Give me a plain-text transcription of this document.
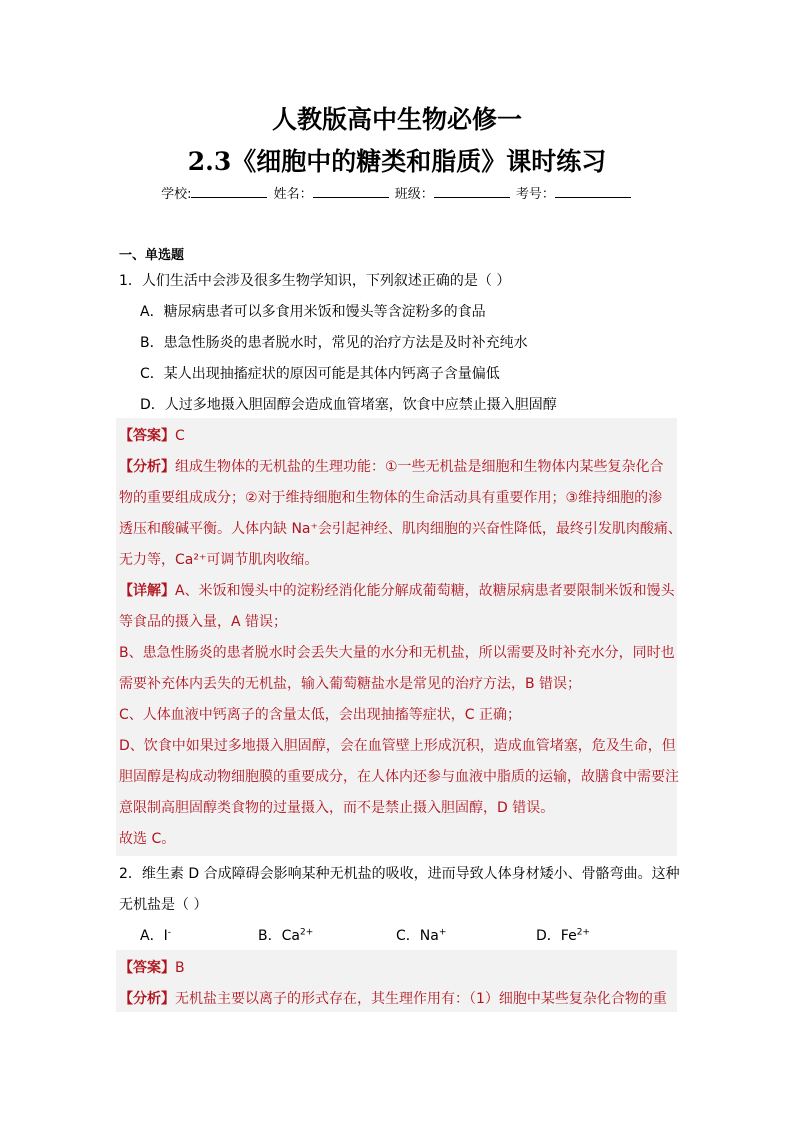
人教版高中生物必修一
2.3《细胞中的糖类和脂质》课时练习
学校:	姓名：	班级：	考号：
一、单选题
1．人们生活中会涉及很多生物学知识，下列叙述正确的是（ ）
A．糖尿病患者可以多食用米饭和馒头等含淀粉多的食品
B．患急性肠炎的患者脱水时，常见的治疗方法是及时补充纯水
C．某人出现抽搐症状的原因可能是其体内钙离子含量偏低
D．人过多地摄入胆固醇会造成血管堵塞，饮食中应禁止摄入胆固醇
【答案】C
【分析】组成生物体的无机盐的生理功能：①一些无机盐是细胞和生物体内某些复杂化合
物的重要组成成分；②对于维持细胞和生物体的生命活动具有重要作用；③维持细胞的渗
透压和酸碱平衡。人体内缺 Na⁺会引起神经、肌肉细胞的兴奋性降低，最终引发肌肉酸痛、
无力等，Ca²⁺可调节肌肉收缩。
【详解】A、米饭和馒头中的淀粉经消化能分解成葡萄糖，故糖尿病患者要限制米饭和馒头
等食品的摄入量，A 错误；
B、患急性肠炎的患者脱水时会丢失大量的水分和无机盐，所以需要及时补充水分，同时也
需要补充体内丢失的无机盐，输入葡萄糖盐水是常见的治疗方法，B 错误；
C、人体血液中钙离子的含量太低，会出现抽搐等症状，C 正确；
D、饮食中如果过多地摄入胆固醇，会在血管壁上形成沉积，造成血管堵塞，危及生命，但
胆固醇是构成动物细胞膜的重要成分，在人体内还参与血液中脂质的运输，故膳食中需要注
意限制高胆固醇类食物的过量摄入，而不是禁止摄入胆固醇，D 错误。
故选 C。
2．维生素 D 合成障碍会影响某种无机盐的吸收，进而导致人体身材矮小、骨骼弯曲。这种
无机盐是（ ）
A．I-	B．$Ca^{2+}$	C．Na+	D．$Fe^{2+}$
【答案】B
【分析】无机盐主要以离子的形式存在，其生理作用有：（1）细胞中某些复杂化合物的重
